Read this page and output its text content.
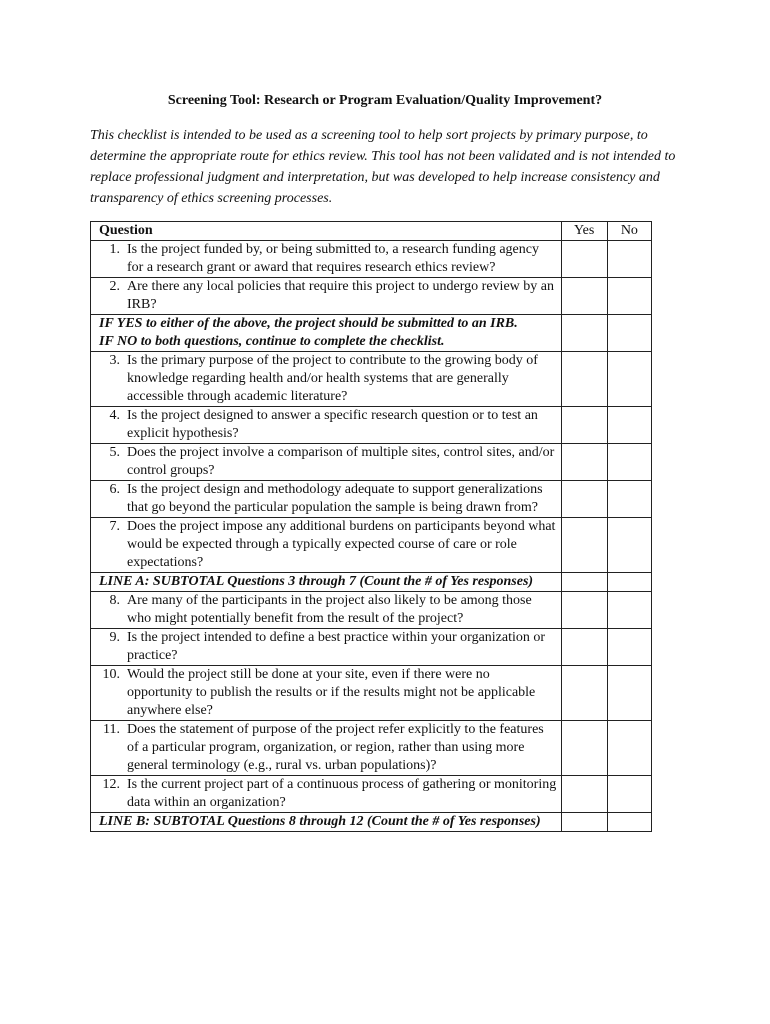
Screening Tool: Research or Program Evaluation/Quality Improvement?
This checklist is intended to be used as a screening tool to help sort projects by primary purpose, to determine the appropriate route for ethics review. This tool has not been validated and is not intended to replace professional judgment and interpretation, but was developed to help increase consistency and transparency of ethics screening processes.
Question	Yes	No

1. Is the project funded by, or being submitted to, a research funding agency for a research grant or award that requires research ethics review?		

2. Are there any local policies that require this project to undergo review by an IRB?		

IF YES to either of the above, the project should be submitted to an IRB.
IF NO to both questions, continue to complete the checklist.		

3. Is the primary purpose of the project to contribute to the growing body of knowledge regarding health and/or health systems that are generally accessible through academic literature?		

4. Is the project designed to answer a specific research question or to test an explicit hypothesis?		

5. Does the project involve a comparison of multiple sites, control sites, and/or control groups?		

6. Is the project design and methodology adequate to support generalizations that go beyond the particular population the sample is being drawn from?		

7. Does the project impose any additional burdens on participants beyond what would be expected through a typically expected course of care or role expectations?		

LINE A: SUBTOTAL Questions 3 through 7 (Count the # of Yes responses)		

8. Are many of the participants in the project also likely to be among those who might potentially benefit from the result of the project?		

9. Is the project intended to define a best practice within your organization or practice?		

10. Would the project still be done at your site, even if there were no opportunity to publish the results or if the results might not be applicable anywhere else?		

11. Does the statement of purpose of the project refer explicitly to the features of a particular program, organization, or region, rather than using more general terminology (e.g., rural vs. urban populations)?		

12. Is the current project part of a continuous process of gathering or monitoring data within an organization?		

LINE B: SUBTOTAL Questions 8 through 12 (Count the # of Yes responses)		
